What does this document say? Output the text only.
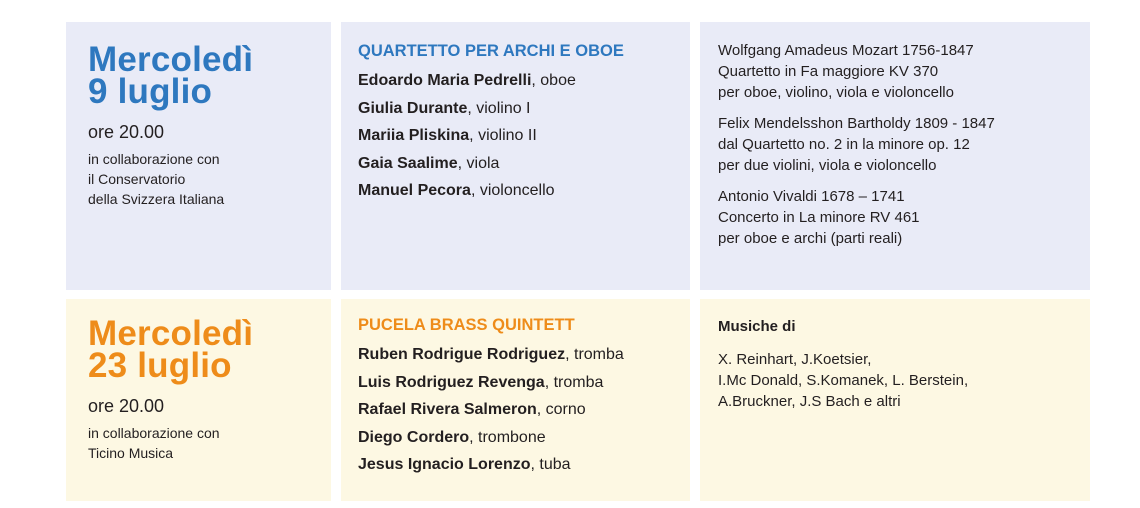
Mercoledì
9 luglio
ore 20.00
in collaborazione con
il Conservatorio
della Svizzera Italiana
QUARTETTO PER ARCHI E OBOE
Edoardo Maria Pedrelli, oboe
Giulia Durante, violino I
Mariia Pliskina, violino II
Gaia Saalime, viola
Manuel Pecora, violoncello
Wolfgang Amadeus Mozart 1756-1847
Quartetto in Fa maggiore KV 370
per oboe, violino, viola e violoncello
Felix Mendelsshon Bartholdy 1809 - 1847
dal Quartetto no. 2 in la minore op. 12
per due violini, viola e violoncello
Antonio Vivaldi 1678 – 1741
Concerto in La minore RV 461
per oboe e archi (parti reali)
Mercoledì
23 luglio
ore 20.00
in collaborazione con
Ticino Musica
PUCELA BRASS QUINTETT
Ruben Rodrigue Rodriguez, tromba
Luis Rodriguez Revenga, tromba
Rafael Rivera Salmeron, corno
Diego Cordero, trombone
Jesus Ignacio Lorenzo, tuba
Musiche di
X. Reinhart, J.Koetsier,
I.Mc Donald, S.Komanek, L. Berstein,
A.Bruckner, J.S Bach e altri
